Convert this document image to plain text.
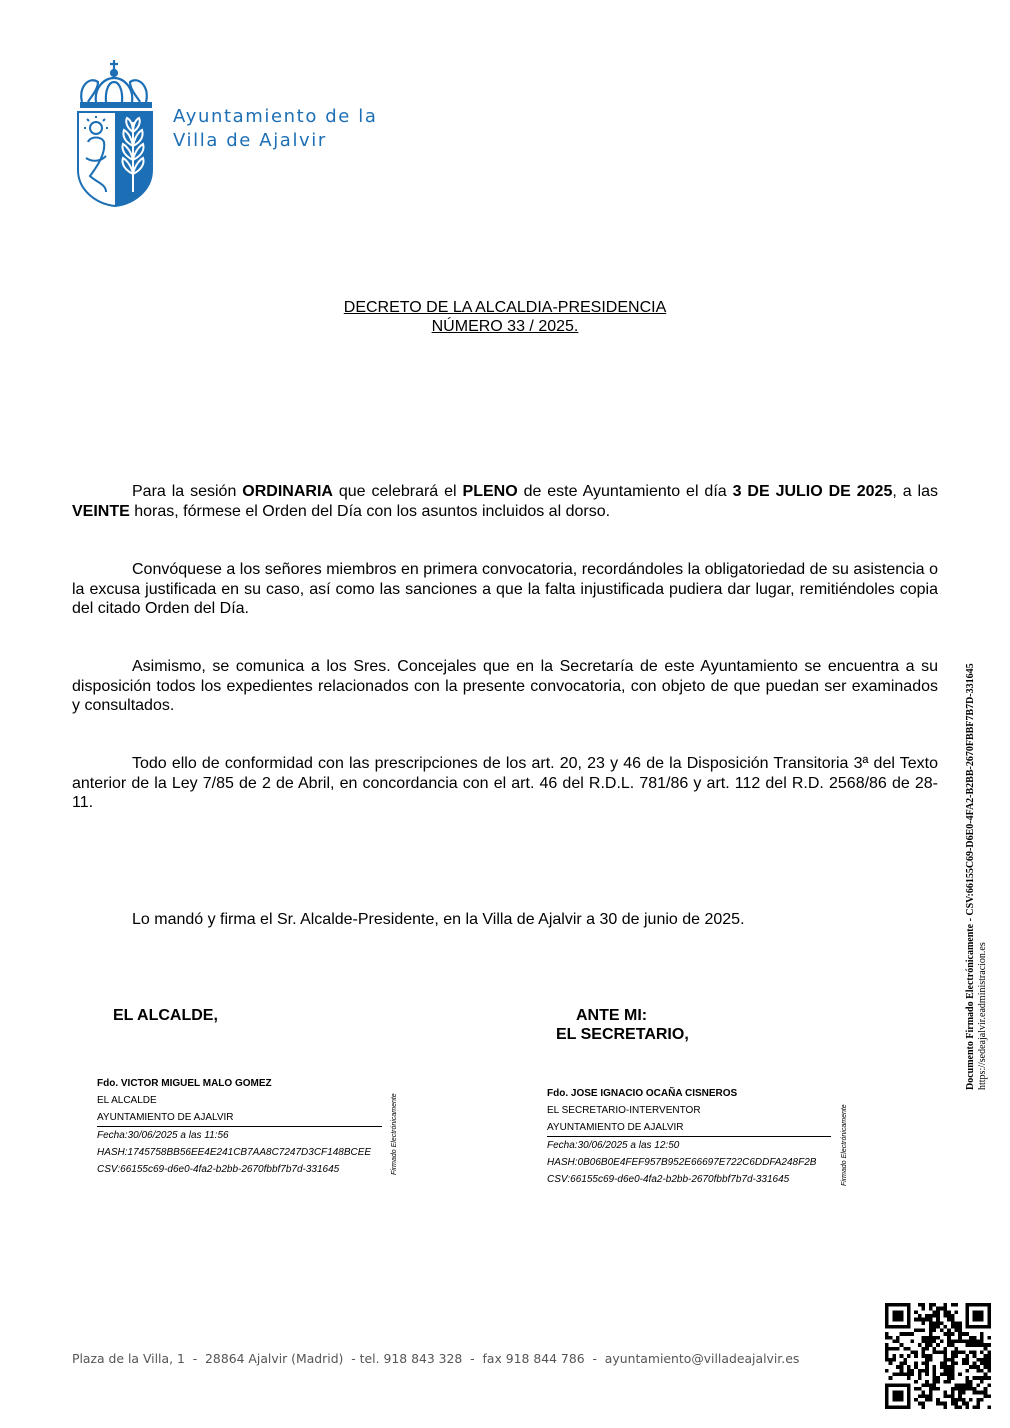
Ayuntamiento de la
Villa de Ajalvir
DECRETO DE LA ALCALDIA-PRESIDENCIA
NÚMERO 33 / 2025.
Para la sesión ORDINARIA que celebrará el PLENO de este Ayuntamiento el día 3 DE JULIO DE 2025, a las VEINTE horas, fórmese el Orden del Día con los asuntos incluidos al dorso.
Convóquese a los señores miembros en primera convocatoria, recordándoles la obligatoriedad de su asistencia o la excusa justificada en su caso, así como las sanciones a que la falta injustificada pudiera dar lugar, remitiéndoles copia del citado Orden del Día.
Asimismo, se comunica a los Sres. Concejales que en la Secretaría de este Ayuntamiento se encuentra a su disposición todos los expedientes relacionados con la presente convocatoria, con objeto de que puedan ser examinados y consultados.
Todo ello de conformidad con las prescripciones de los art. 20, 23 y 46 de la Disposición Transitoria 3ª del Texto anterior de la Ley 7/85 de 2 de Abril, en concordancia con el art. 46 del R.D.L. 781/86 y art. 112 del R.D. 2568/86 de 28-11.
Lo mandó y firma el Sr. Alcalde-Presidente, en la Villa de Ajalvir a 30 de junio de 2025.
EL ALCALDE,	ANTE MI:
EL SECRETARIO,
Fdo. VICTOR MIGUEL MALO GOMEZ
EL ALCALDE
AYUNTAMIENTO DE AJALVIR
Fecha:30/06/2025 a las 11:56
HASH:1745758BB56EE4E241CB7AA8C7247D3CF148BCEE
CSV:66155c69-d6e0-4fa2-b2bb-2670fbbf7b7d-331645	Firmado Electrónicamente	Fdo. JOSE IGNACIO OCAÑA CISNEROS
EL SECRETARIO-INTERVENTOR
AYUNTAMIENTO DE AJALVIR
Fecha:30/06/2025 a las 12:50
HASH:0B06B0E4FEF957B952E66697E722C6DDFA248F2B
CSV:66155c69-d6e0-4fa2-b2bb-2670fbbf7b7d-331645	Firmado Electrónicamente
Documento Firmado Electrónicamente - CSV:66155C69-D6E0-4FA2-B2BB-2670FBBF7B7D-331645 https://sedeajalvir.eadministracion.es
Plaza de la Villa, 1  -  28864 Ajalvir (Madrid)  - tel. 918 843 328  -  fax 918 844 786  -  ayuntamiento@villadeajalvir.es
